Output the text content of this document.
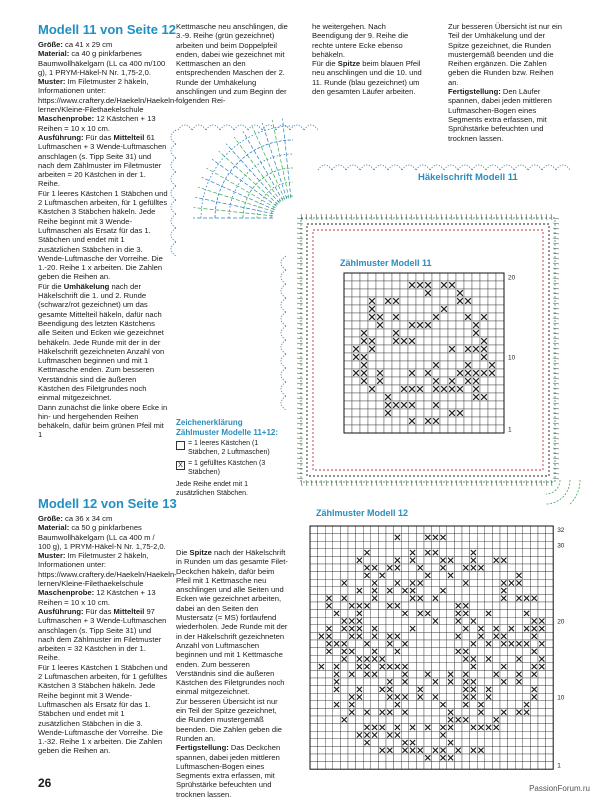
Modell 11 von Seite 12

Größe: ca 41 x 29 cm

Material: ca 40 g pinkfarbenes Baumwollhäkelgarn (LL ca 400 m/100 g), 1 PRYM-Häkel-N Nr. 1,75-2,0.

Muster: Im Filetmuster 2 häkeln, Informationen unter: https://www.craftery.de/Haekeln/Haekeln-lernen/Kleine-Filethaekelschule

Maschenprobe: 12 Kästchen + 13 Reihen = 10 x 10 cm.

Ausführung: Für das Mittelteil 61 Luftmaschen + 3 Wende-Luftmaschen anschlagen (s. Tipp Seite 31) und nach dem Zählmuster im Filetmuster arbeiten = 20 Kästchen in der 1. Reihe.

Für 1 leeres Kästchen 1 Stäbchen und 2 Luftmaschen arbeiten, für 1 gefülltes Kästchen 3 Stäbchen häkeln. Jede Reihe beginnt mit 3 Wende-Luftmaschen als Ersatz für das 1. Stäbchen und endet mit 1 zusätzlichen Stäbchen in die 3. Wende-Luftmasche der Vorreihe. Die 1.-20. Reihe 1 x arbeiten. Die Zahlen geben die Reihen an.

Für die Umhäkelung nach der Häkelschrift die 1. und 2. Runde (schwarz/rot gezeichnet) um das gesamte Mittelteil häkeln, dafür nach Beendigung des letzten Kästchens alle Seiten und Ecken wie gezeichnet behäkeln. Jede Runde mit der in der Häkelschrift gezeichneten Anzahl von Luftmaschen beginnen und mit 1 Kettmasche enden. Zum besseren Verständnis sind die äußeren Kästchen des Filetgrundes noch einmal mitgezeichnet.

Dann zunächst die linke obere Ecke in hin- und hergehenden Reihen behäkeln, dafür beim grünen Pfeil mit 1

Modell 12 von Seite 13

Größe: ca 36 x 34 cm

Material: ca 50 g pinkfarbenes Baumwollhäkelgarn (LL ca 400 m / 100 g), 1 PRYM-Häkel-N Nr. 1,75-2,0.

Muster: Im Filetmuster 2 häkeln, Informationen unter: https://www.craftery.de/Haekeln/Haekeln-lernen/Kleine-Filethaekelschule

Maschenprobe: 12 Kästchen + 13 Reihen = 10 x 10 cm.

Ausführung: Für das Mittelteil 97 Luftmaschen + 3 Wende-Luftmaschen anschlagen (s. Tipp Seite 31) und nach dem Zählmuster im Filetmuster arbeiten = 32 Kästchen in der 1. Reihe.

Für 1 leeres Kästchen 1 Stäbchen und 2 Luftmaschen arbeiten, für 1 gefülltes Kästchen 3 Stäbchen häkeln. Jede Reihe beginnt mit 3 Wende-Luftmaschen als Ersatz für das 1. Stäbchen und endet mit 1 zusätzlichen Stäbchen in die 3. Wende-Luftmasche der Vorreihe. Die 1.-32. Reihe 1 x arbeiten. Die Zahlen geben die Reihen an.

Kettmasche neu anschlingen, die 3.-9. Reihe (grün gezeichnet) arbeiten und beim Doppelpfeil enden, dabei wie gezeichnet mit Kettmaschen an den entsprechenden Maschen der 2. Runde der Umhäkelung anschlingen und zum Beginn der folgenden Rei-

he weitergehen. Nach Beendigung der 9. Reihe die rechte untere Ecke ebenso behäkeln.

Für die Spitze beim blauen Pfeil neu anschlingen und die 10. und 11. Runde (blau gezeichnet) um den gesamten Läufer arbeiten.

Zur besseren Übersicht ist nur ein Teil der Umhäkelung und der Spitze gezeichnet, die Runden mustergemäß beenden und die Reihen ergänzen. Die Zahlen geben die Runden bzw. Reihen an.

Fertigstellung: Den Läufer spannen, dabei jeden mittleren Luftmaschen-Bogen eines Segments extra erfassen, mit Sprühstärke befeuchten und trocknen lassen.

Häkelschrift Modell 11
Zählmuster Modell 11
20
10
1
Zeichenerklärung Zählmuster Modelle 11+12:
= 1 leeres Kästchen (1 Stäbchen, 2 Luftmaschen)
X = 1 gefülltes Kästchen (3 Stäbchen)
Jede Reihe endet mit 1 zusätzlichen Stäbchen.

Die Spitze nach der Häkelschrift in Runden um das gesamte Filet-Deckchen häkeln, dafür beim Pfeil mit 1 Kettmasche neu anschlingen und alle Seiten und Ecken wie gezeichnet arbeiten, dabei an den Seiten den Mustersatz (= MS) fortlaufend wiederholen. Jede Runde mit der in der Häkelschrift gezeichneten Anzahl von Luftmaschen beginnen und mit 1 Kettmasche enden. Zum besseren Verständnis sind die äußeren Kästchen des Filetgrundes noch einmal mitgezeichnet.

Zur besseren Übersicht ist nur ein Teil der Spitze gezeichnet, die Runden mustergemäß beenden. Die Zahlen geben die Runden an.

Fertigstellung: Das Deckchen spannen, dabei jeden mittleren Luftmaschen-Bogen eines Segments extra erfassen, mit Sprühstärke befeuchten und trocknen lassen.

Zählmuster Modell 12
32
30
20
10
1
26	PassionForum.ru
